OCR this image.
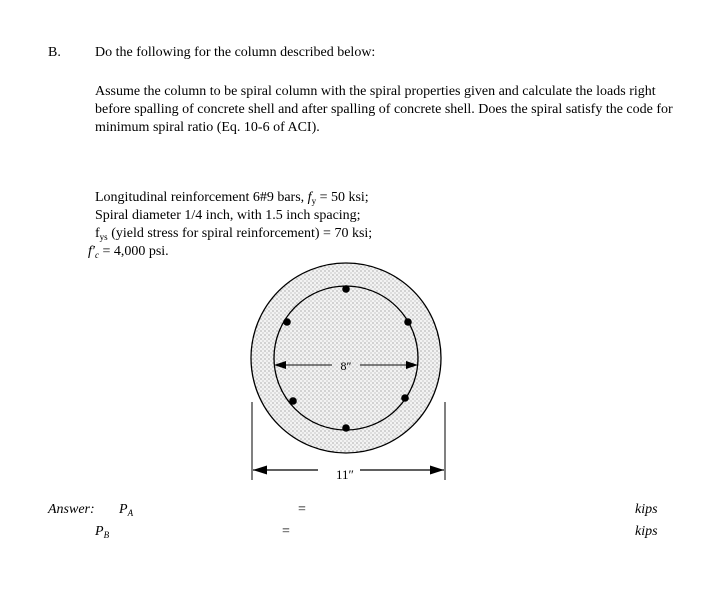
B. Do the following for the column described below:
Assume the column to be spiral column with the spiral properties given and calculate the loads right before spalling of concrete shell and after spalling of concrete shell. Does the spiral satisfy the code for minimum spiral ratio (Eq. 10-6 of ACI).
Longitudinal reinforcement 6#9 bars, $f_y = 50$ ksi;
Spiral diameter 1/4 inch, with 1.5 inch spacing;
$f_{ys}$ (yield stress for spiral reinforcement) = 70 ksi;
$f'_c = 4,000$ psi.
8″
11″
Answer: $P_A$	=	kips
$P_B$	=	kips
